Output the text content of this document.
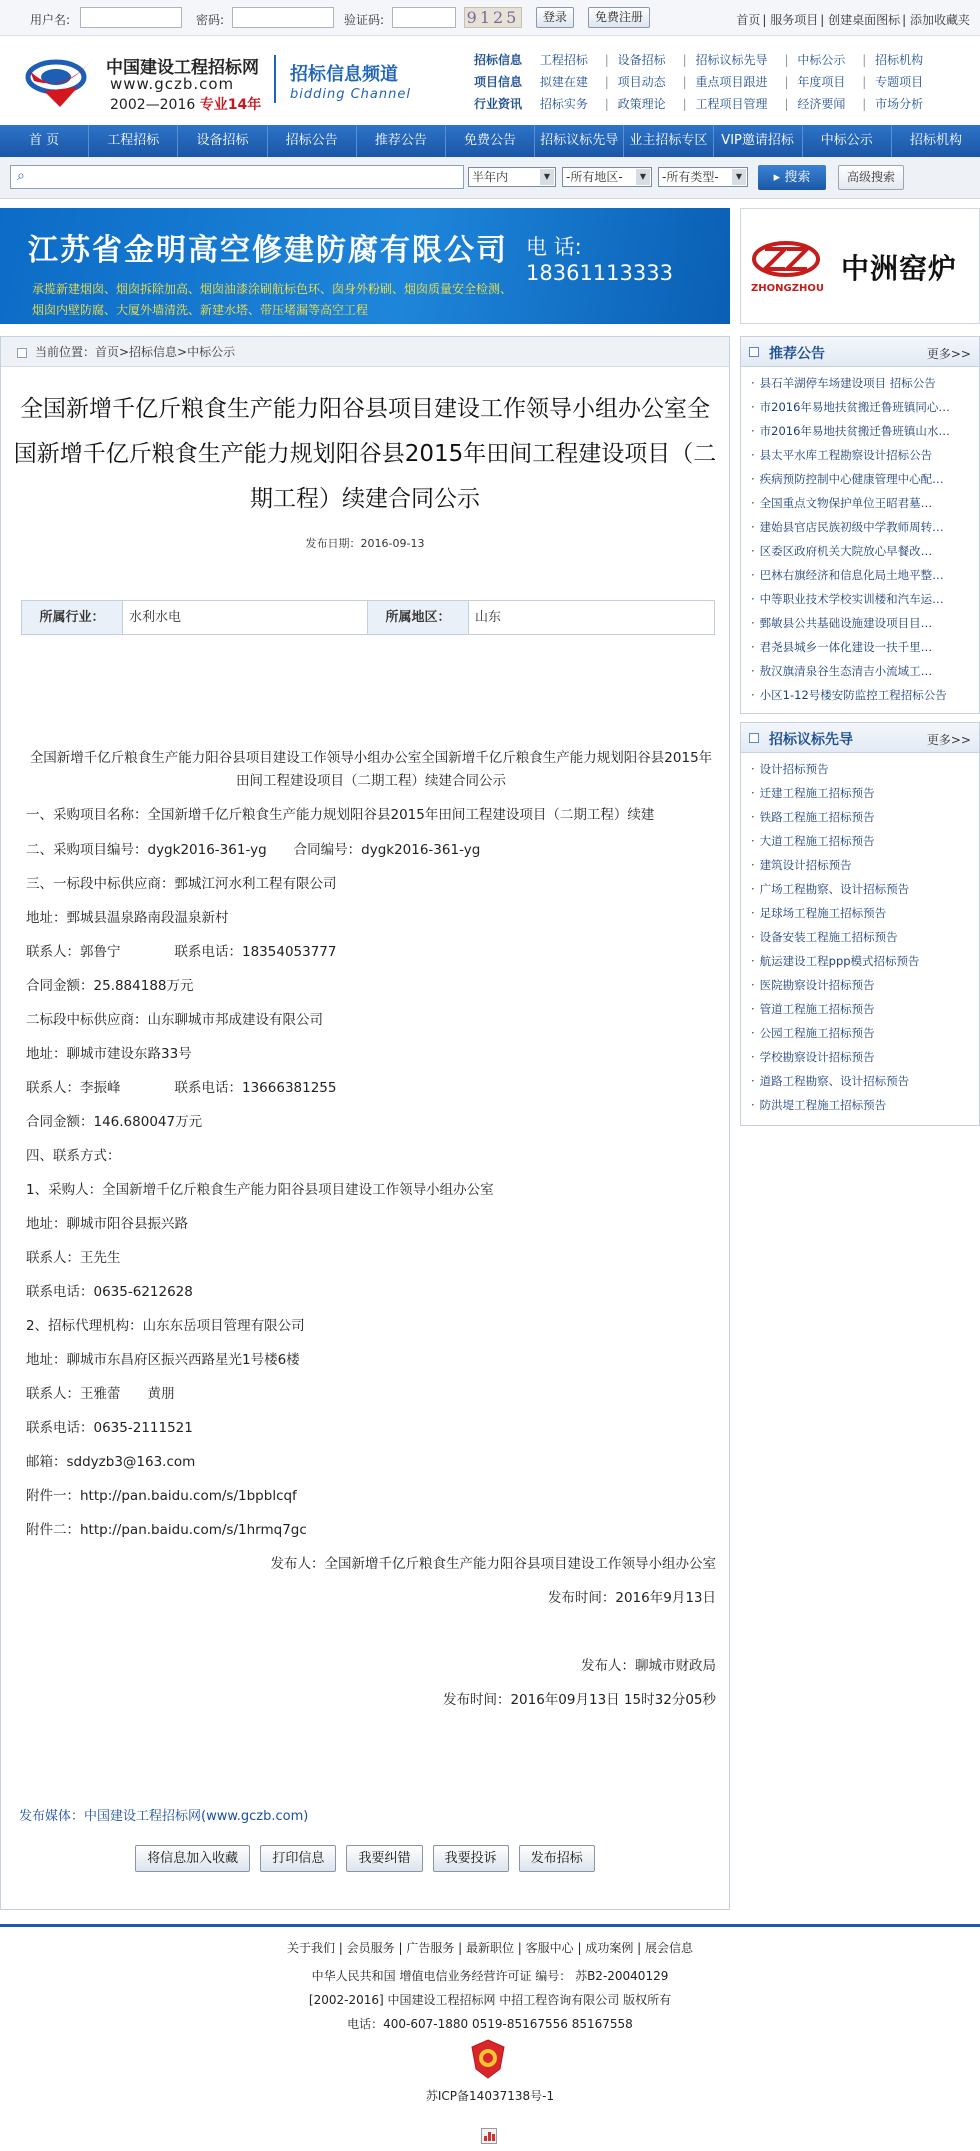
用户名:	密码:	验证码:	9125	登录	免费注册	首页 | 服务项目 | 创建桌面图标 | 添加收藏夹
中国建设工程招标网
www.gczb.com
2002—2016 专业14年
招标信息频道
bidding Channel
招标信息 工程招标 | 设备招标 | 招标议标先导 | 中标公示 | 招标机构
项目信息 拟建在建 | 项目动态 | 重点项目跟进 | 年度项目 | 专题项目
行业资讯 招标实务 | 政策理论 | 工程项目管理 | 经济要闻 | 市场分析
首 页	工程招标	设备招标	招标公告	推荐公告	免费公告	招标议标先导 业主招标专区	VIP邀请招标	中标公示	招标机构
⌕	半年内	▼	-所有地区-	▼	-所有类型-	▼	▸ 搜索	高级搜索
江苏省金明高空修建防腐有限公司 电 话: 18361113333
承揽新建烟囱、烟囱拆除加高、烟囱油漆涂刷航标色环、囱身外粉刷、烟囱质量安全检测、
烟囱内壁防腐、大厦外墙清洗、新建水塔、带压堵漏等高空工程
ZHONGZHOU
中洲窑炉
当前位置：首页>招标信息>中标公示
全国新增千亿斤粮食生产能力阳谷县项目建设工作领导小组办公室全
国新增千亿斤粮食生产能力规划阳谷县2015年田间工程建设项目（二
期工程）续建合同公示
发布日期：2016-09-13
所属行业：	水利水电	所属地区：	山东
全国新增千亿斤粮食生产能力阳谷县项目建设工作领导小组办公室全国新增千亿斤粮食生产能力规划阳谷县2015年田间工程建设项目（二期工程）续建合同公示
一、采购项目名称：全国新增千亿斤粮食生产能力规划阳谷县2015年田间工程建设项目（二期工程）续建
二、采购项目编号：dygk2016-361-yg　　合同编号：dygk2016-361-yg
三、一标段中标供应商：鄄城江河水利工程有限公司
地址：鄄城县温泉路南段温泉新村
联系人：郭鲁宁　　　　联系电话：18354053777
合同金额：25.884188万元
二标段中标供应商：山东聊城市邦成建设有限公司
地址：聊城市建设东路33号
联系人：李振峰　　　　联系电话：13666381255
合同金额：146.680047万元
四、联系方式：
1、采购人：全国新增千亿斤粮食生产能力阳谷县项目建设工作领导小组办公室
地址：聊城市阳谷县振兴路
联系人：王先生
联系电话：0635-6212628
2、招标代理机构：山东东岳项目管理有限公司
地址：聊城市东昌府区振兴西路星光1号楼6楼
联系人：王雅蕾　　黄朋
联系电话：0635-2111521
邮箱：sddyzb3@163.com
附件一：http://pan.baidu.com/s/1bpblcqf
附件二：http://pan.baidu.com/s/1hrmq7gc
发布人：全国新增千亿斤粮食生产能力阳谷县项目建设工作领导小组办公室
发布时间：2016年9月13日
发布人：聊城市财政局
发布时间：2016年09月13日 15时32分05秒
发布媒体：中国建设工程招标网(www.gczb.com)
将信息加入收藏	打印信息	我要纠错	我要投诉	发布招标
推荐公告	更多>>
· 县石羊湖停车场建设项目 招标公告
· 市2016年易地扶贫搬迁鲁班镇同心…
· 市2016年易地扶贫搬迁鲁班镇山水…
· 县太平水库工程勘察设计招标公告
· 疾病预防控制中心健康管理中心配…
· 全国重点文物保护单位王昭君墓…
· 建始县官店民族初级中学教师周转…
· 区委区政府机关大院放心早餐改…
· 巴林右旗经济和信息化局土地平整…
· 中等职业技术学校实训楼和汽车运…
· 鄄敏县公共基础设施建设项目目…
· 君尧县城乡一体化建设一扶千里…
· 敖汉旗清泉谷生态清吉小流域工…
· 小区1-12号楼安防监控工程招标公告
招标议标先导	更多>>
· 设计招标预告
· 迁建工程施工招标预告
· 铁路工程施工招标预告
· 大道工程施工招标预告
· 建筑设计招标预告
· 广场工程勘察、设计招标预告
· 足球场工程施工招标预告
· 设备安装工程施工招标预告
· 航运建设工程ppp模式招标预告
· 医院勘察设计招标预告
· 管道工程施工招标预告
· 公园工程施工招标预告
· 学校勘察设计招标预告
· 道路工程勘察、设计招标预告
· 防洪堤工程施工招标预告
关于我们 | 会员服务 | 广告服务 | 最新职位 | 客服中心 | 成功案例 | 展会信息
中华人民共和国 增值电信业务经营许可证 编号： 苏B2-20040129
[2002-2016] 中国建设工程招标网 中招工程咨询有限公司 版权所有
电话：400-607-1880 0519-85167556 85167558
苏ICP备14037138号-1
